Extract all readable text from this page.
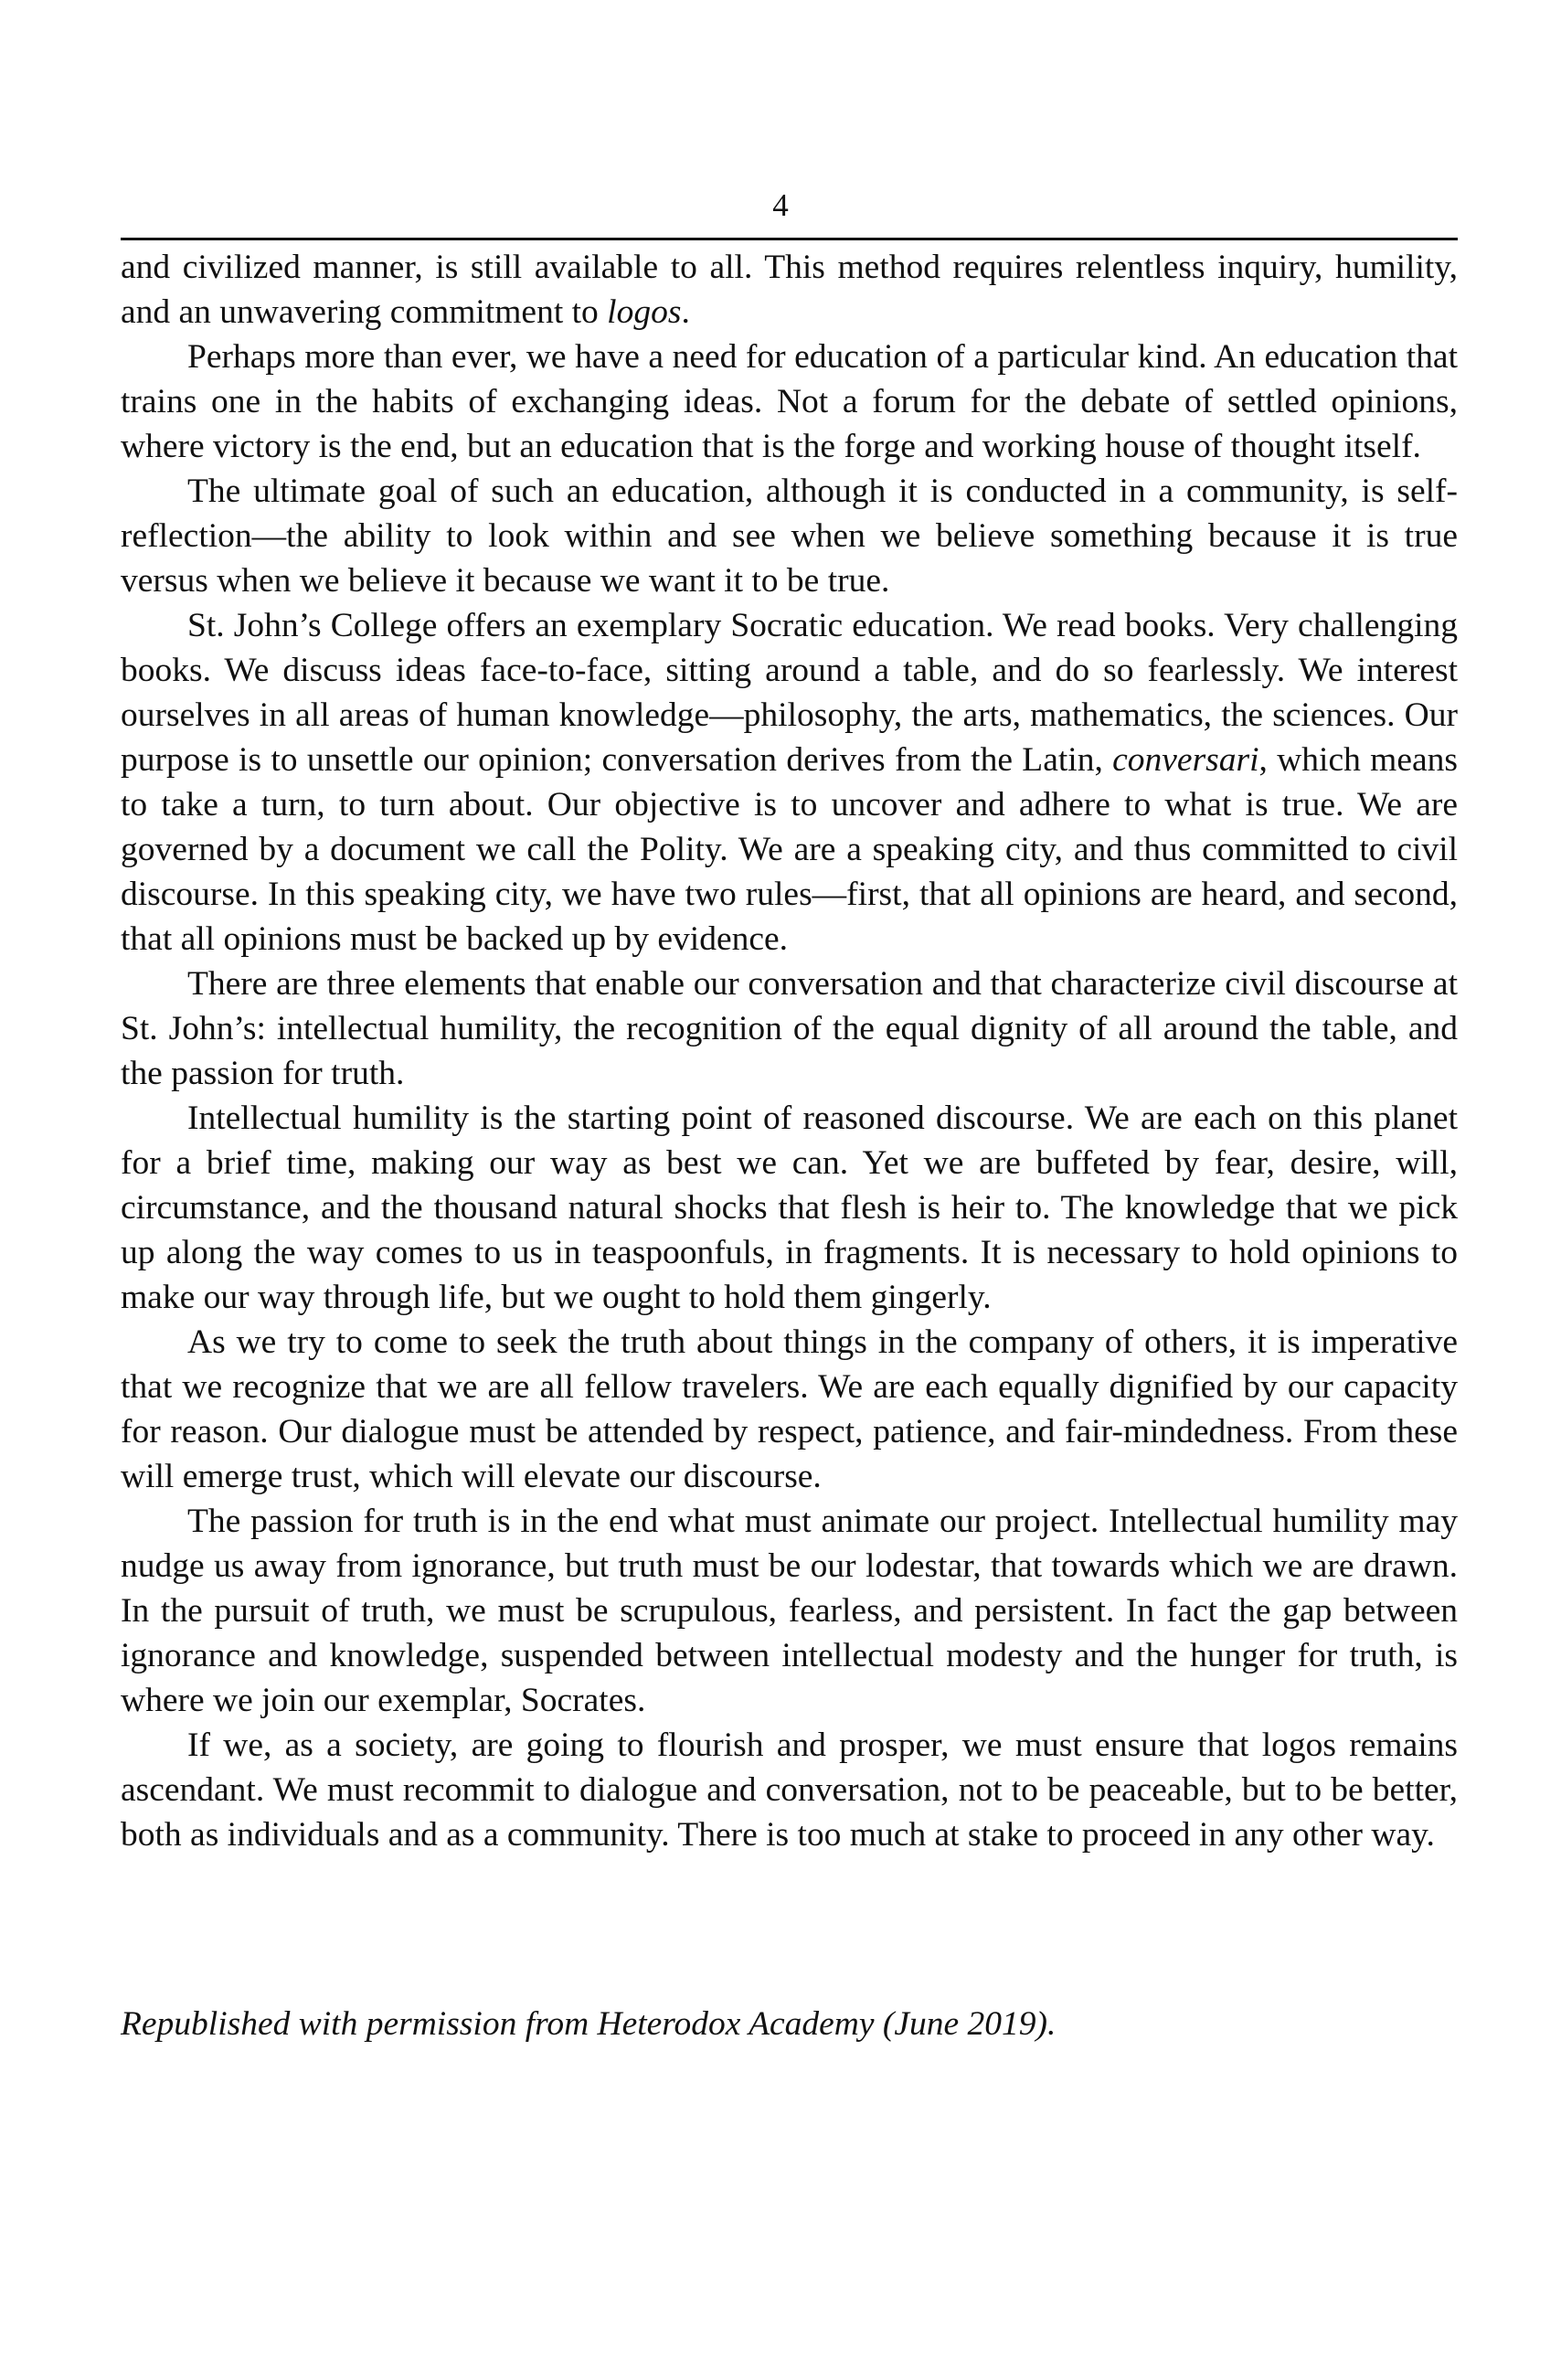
4

and civilized manner, is still available to all. This method requires relentless inquiry, humility, and an unwavering commitment to logos.

Perhaps more than ever, we have a need for education of a particular kind. An education that trains one in the habits of exchanging ideas. Not a forum for the debate of settled opinions, where victory is the end, but an education that is the forge and working house of thought itself.

The ultimate goal of such an education, although it is conducted in a community, is self-reflection—the ability to look within and see when we believe something because it is true versus when we believe it because we want it to be true.

St. John’s College offers an exemplary Socratic education. We read books. Very challenging books. We discuss ideas face-to-face, sitting around a table, and do so fearlessly. We interest ourselves in all areas of human knowledge—philosophy, the arts, mathematics, the sciences. Our purpose is to unsettle our opinion; conversation derives from the Latin, conversari, which means to take a turn, to turn about. Our objective is to uncover and adhere to what is true. We are governed by a document we call the Polity. We are a speaking city, and thus committed to civil discourse. In this speaking city, we have two rules—first, that all opinions are heard, and second, that all opinions must be backed up by evidence.

There are three elements that enable our conversation and that characterize civil discourse at St. John’s: intellectual humility, the recognition of the equal dignity of all around the table, and the passion for truth.

Intellectual humility is the starting point of reasoned discourse. We are each on this planet for a brief time, making our way as best we can. Yet we are buffeted by fear, desire, will, circumstance, and the thousand natural shocks that flesh is heir to. The knowledge that we pick up along the way comes to us in teaspoonfuls, in fragments. It is necessary to hold opinions to make our way through life, but we ought to hold them gingerly.

As we try to come to seek the truth about things in the company of others, it is imperative that we recognize that we are all fellow travelers. We are each equally dignified by our capacity for reason. Our dialogue must be attended by respect, patience, and fair-mindedness. From these will emerge trust, which will elevate our discourse.

The passion for truth is in the end what must animate our project. Intellectual humility may nudge us away from ignorance, but truth must be our lodestar, that towards which we are drawn. In the pursuit of truth, we must be scrupulous, fearless, and persistent. In fact the gap between ignorance and knowledge, suspended between intellectual modesty and the hunger for truth, is where we join our exemplar, Socrates.

If we, as a society, are going to flourish and prosper, we must ensure that logos remains ascendant. We must recommit to dialogue and conversation, not to be peaceable, but to be better, both as individuals and as a community. There is too much at stake to proceed in any other way.

Republished with permission from Heterodox Academy (June 2019).
